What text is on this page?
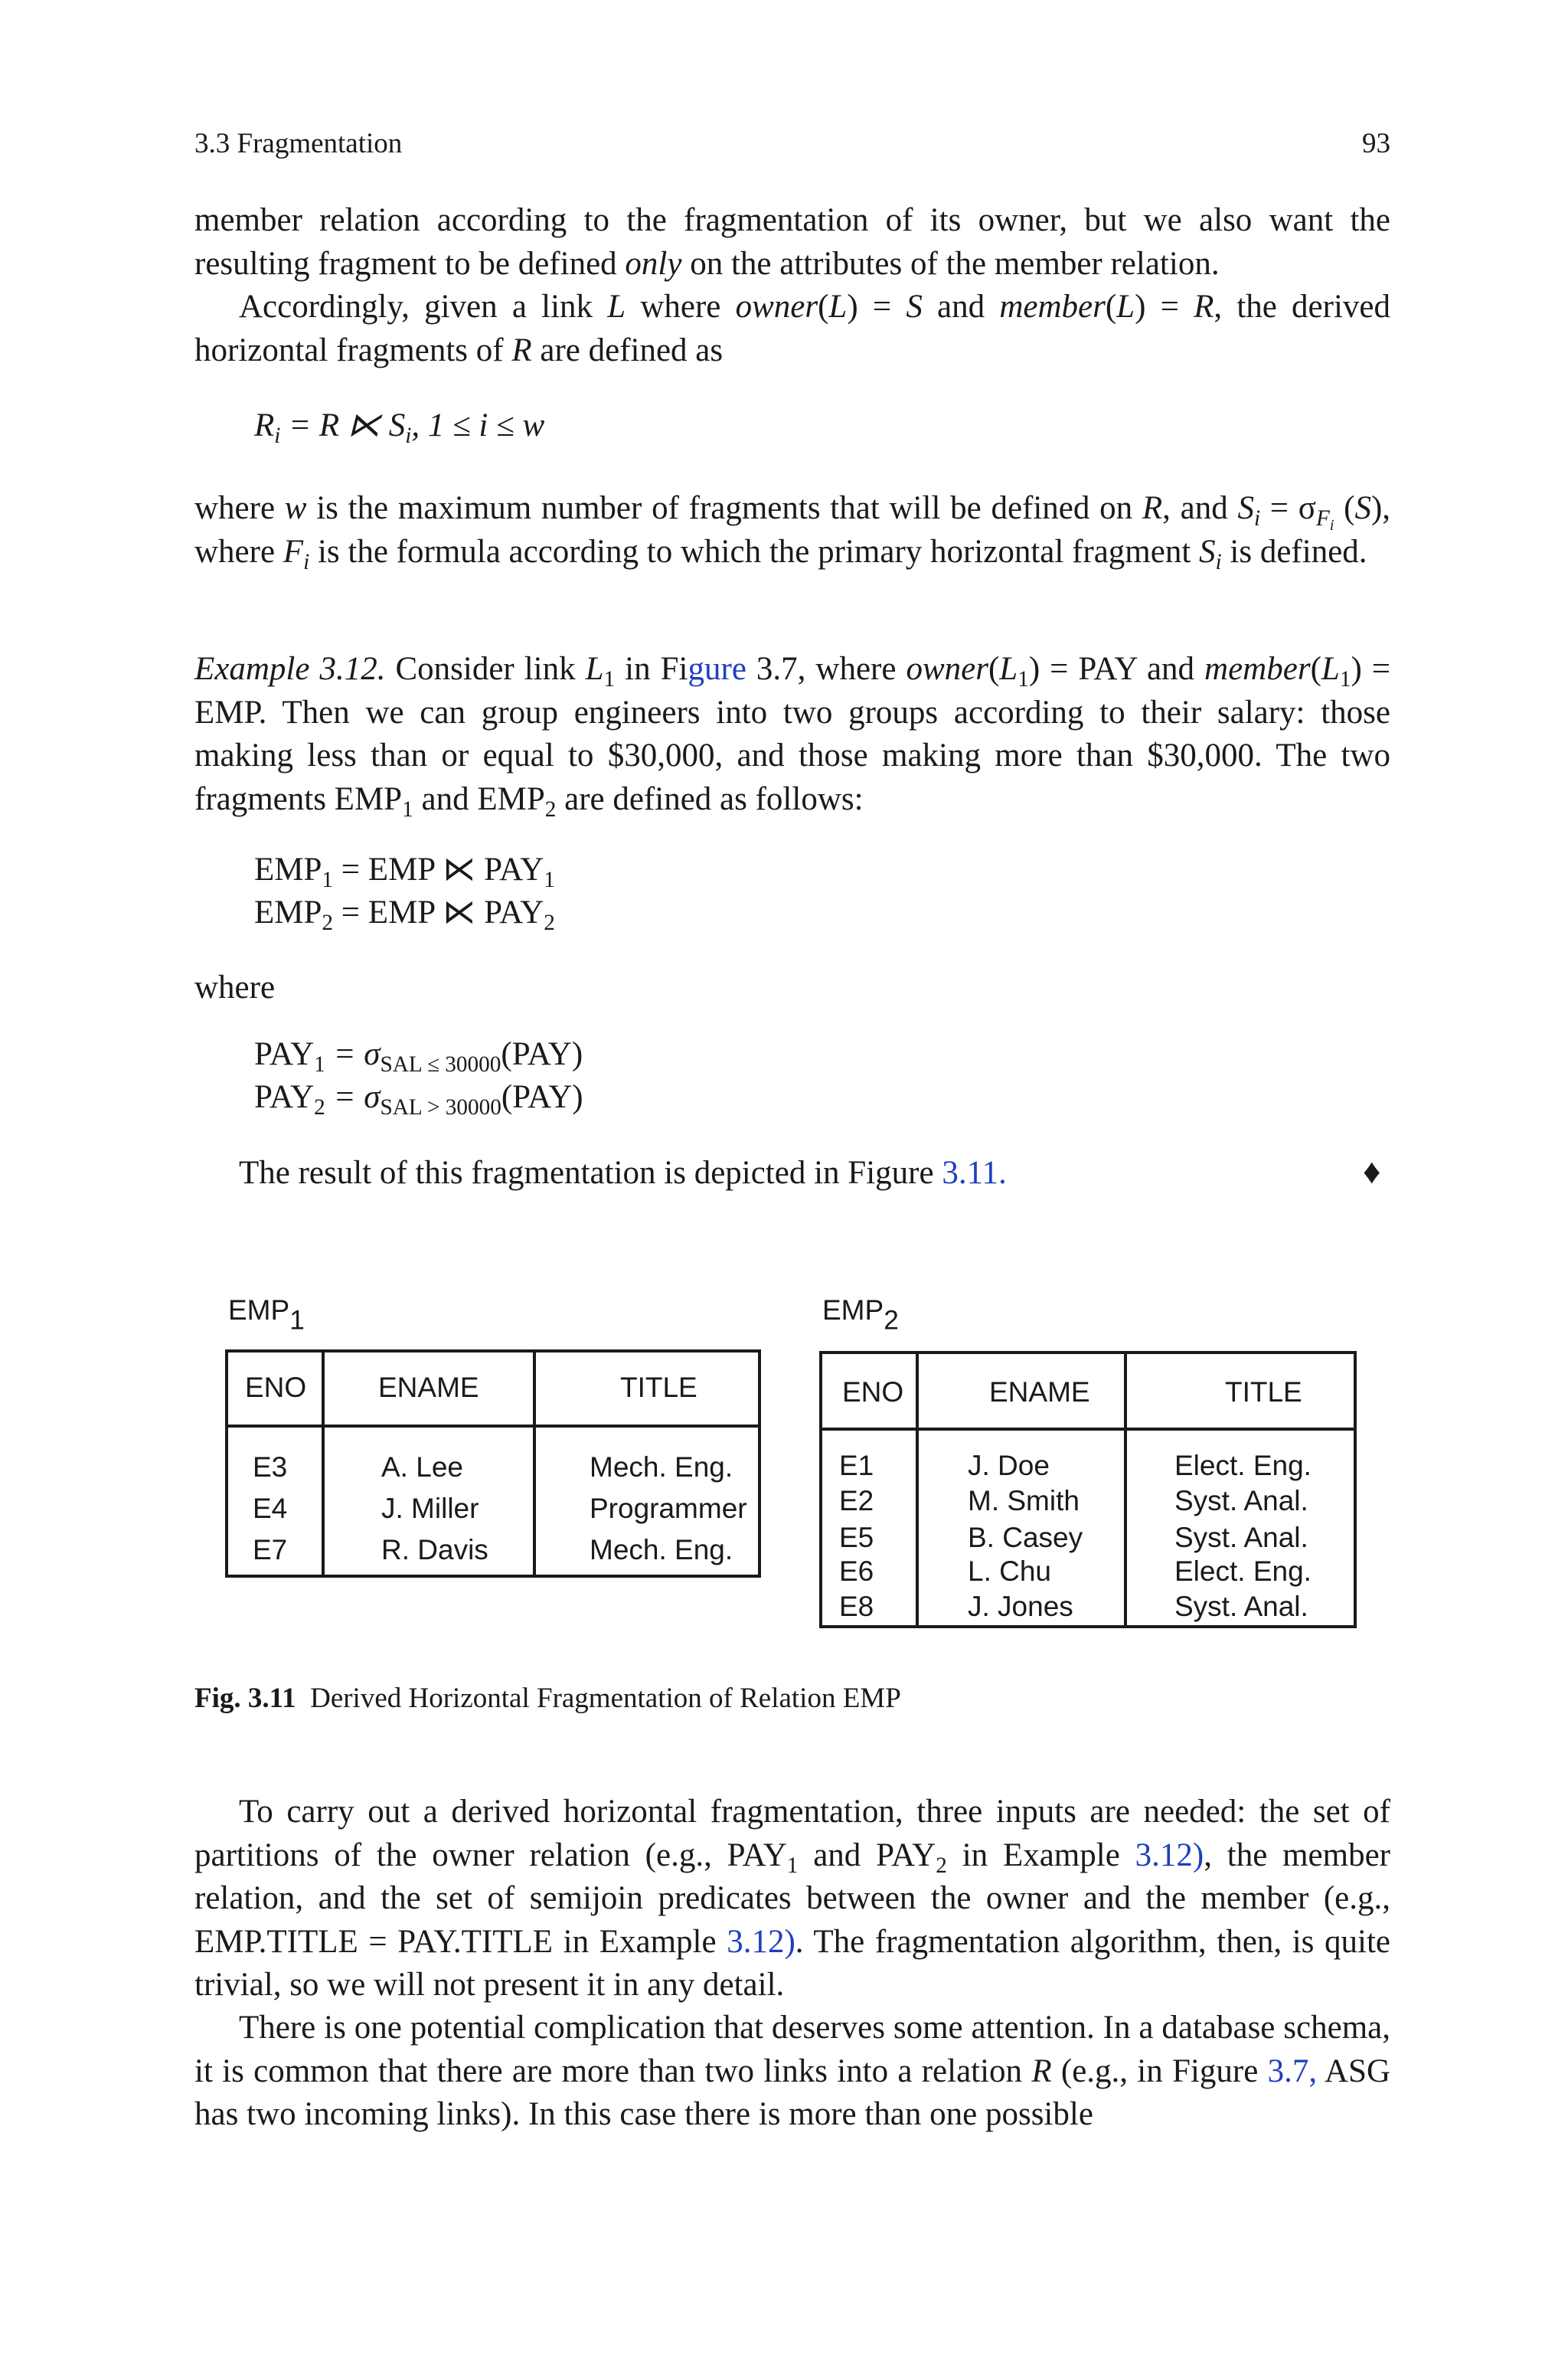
3.3 Fragmentation	93
member relation according to the fragmentation of its owner, but we also want the resulting fragment to be defined only on the attributes of the member relation.
Accordingly, given a link L where owner(L) = S and member(L) = R, the derived horizontal fragments of R are defined as
$R_i = R$ ⋉ $S_i$, 1 ≤ i ≤ w
where w is the maximum number of fragments that will be defined on R, and $S_i = \sigma_{F_i}$ (S), where $F_i$ is the formula according to which the primary horizontal fragment $S_i$ is defined.
Example 3.12. Consider link $L_1$ in Figure 3.7, where $owner(L_1)$ = PAY and $member(L_1)$ = EMP. Then we can group engineers into two groups according to their salary: those making less than or equal to $30,000, and those making more than $30,000. The two fragments $EMP_1$ and $EMP_2$ are defined as follows:
$EMP_1$ = EMP ⋉ $PAY_1$
$EMP_2$ = EMP ⋉ $PAY_2$
where
$PAY_1 = \sigma_{SAL \le 30000}(PAY)$
$PAY_2 = \sigma_{SAL > 30000}(PAY)$
The result of this fragmentation is depicted in Figure 3.11.	♦
$EMP_1$
ENO	ENAME	TITLE
E3	A. Lee	Mech. Eng.
E4	J. Miller	Programmer
E7	R. Davis	Mech. Eng.
$EMP_2$
ENO	ENAME	TITLE
E1	J. Doe	Elect. Eng.
E2	M. Smith	Syst. Anal.
E5	B. Casey	Syst. Anal.
E6	L. Chu	Elect. Eng.
E8	J. Jones	Syst. Anal.
Fig. 3.11 Derived Horizontal Fragmentation of Relation EMP
To carry out a derived horizontal fragmentation, three inputs are needed: the set of partitions of the owner relation (e.g., $PAY_1$ and $PAY_2$ in Example 3.12), the member relation, and the set of semijoin predicates between the owner and the member (e.g., EMP.TITLE = PAY.TITLE in Example 3.12). The fragmentation algorithm, then, is quite trivial, so we will not present it in any detail.
There is one potential complication that deserves some attention. In a database schema, it is common that there are more than two links into a relation R (e.g., in Figure 3.7, ASG has two incoming links). In this case there is more than one possible
